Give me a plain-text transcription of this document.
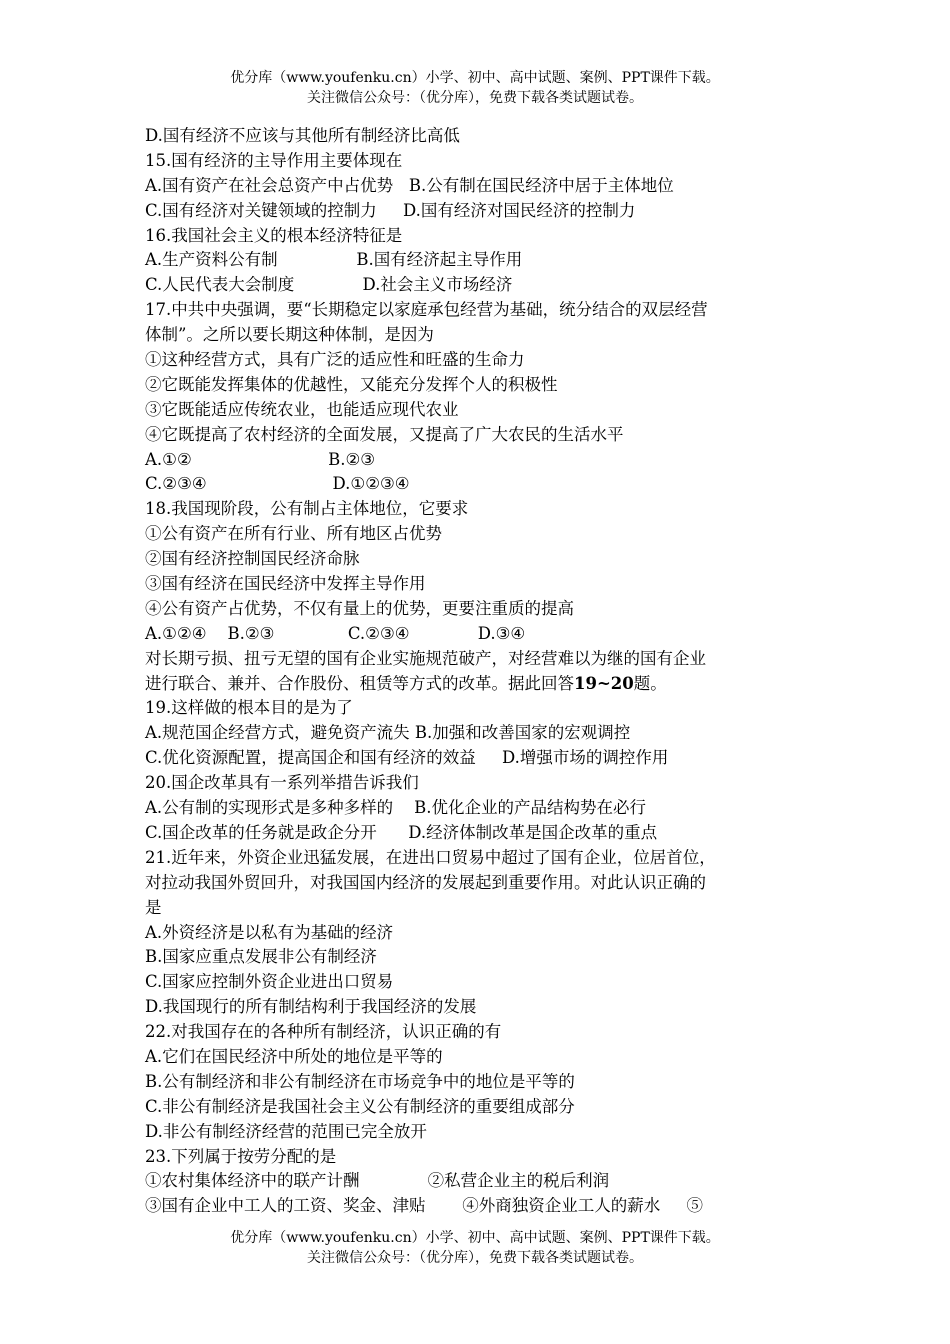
优分库（www.youfenku.cn）小学、初中、高中试题、案例、PPT课件下载。
关注微信公众号：（优分库），免费下载各类试题试卷。
D.国有经济不应该与其他所有制经济比高低
15.国有经济的主导作用主要体现在
A.国有资产在社会总资产中占优势   B.公有制在国民经济中居于主体地位
C.国有经济对关键领域的控制力     D.国有经济对国民经济的控制力
16.我国社会主义的根本经济特征是
A.生产资料公有制               B.国有经济起主导作用
C.人民代表大会制度             D.社会主义市场经济
17.中共中央强调，要“长期稳定以家庭承包经营为基础，统分结合的双层经营
体制”。之所以要长期这种体制，是因为
①这种经营方式，具有广泛的适应性和旺盛的生命力
②它既能发挥集体的优越性，又能充分发挥个人的积极性
③它既能适应传统农业，也能适应现代农业
④它既提高了农村经济的全面发展，又提高了广大农民的生活水平
A.①②                          B.②③
C.②③④                        D.①②③④
18.我国现阶段，公有制占主体地位，它要求
①公有资产在所有行业、所有地区占优势
②国有经济控制国民经济命脉
③国有经济在国民经济中发挥主导作用
④公有资产占优势，不仅有量上的优势，更要注重质的提高
A.①②④    B.②③              C.②③④             D.③④
对长期亏损、扭亏无望的国有企业实施规范破产，对经营难以为继的国有企业
进行联合、兼并、合作股份、租赁等方式的改革。据此回答19~20题。
19.这样做的根本目的是为了
A.规范国企经营方式，避免资产流失 B.加强和改善国家的宏观调控
C.优化资源配置，提高国企和国有经济的效益     D.增强市场的调控作用
20.国企改革具有一系列举措告诉我们
A.公有制的实现形式是多种多样的    B.优化企业的产品结构势在必行
C.国企改革的任务就是政企分开      D.经济体制改革是国企改革的重点
21.近年来，外资企业迅猛发展，在进出口贸易中超过了国有企业，位居首位，
对拉动我国外贸回升，对我国国内经济的发展起到重要作用。对此认识正确的
是
A.外资经济是以私有为基础的经济
B.国家应重点发展非公有制经济
C.国家应控制外资企业进出口贸易
D.我国现行的所有制结构利于我国经济的发展
22.对我国存在的各种所有制经济，认识正确的有
A.它们在国民经济中所处的地位是平等的
B.公有制经济和非公有制经济在市场竞争中的地位是平等的
C.非公有制经济是我国社会主义公有制经济的重要组成部分
D.非公有制经济经营的范围已完全放开
23.下列属于按劳分配的是
①农村集体经济中的联产计酬             ②私营企业主的税后利润
③国有企业中工人的工资、奖金、津贴       ④外商独资企业工人的薪水     ⑤
优分库（www.youfenku.cn）小学、初中、高中试题、案例、PPT课件下载。
关注微信公众号：（优分库），免费下载各类试题试卷。
